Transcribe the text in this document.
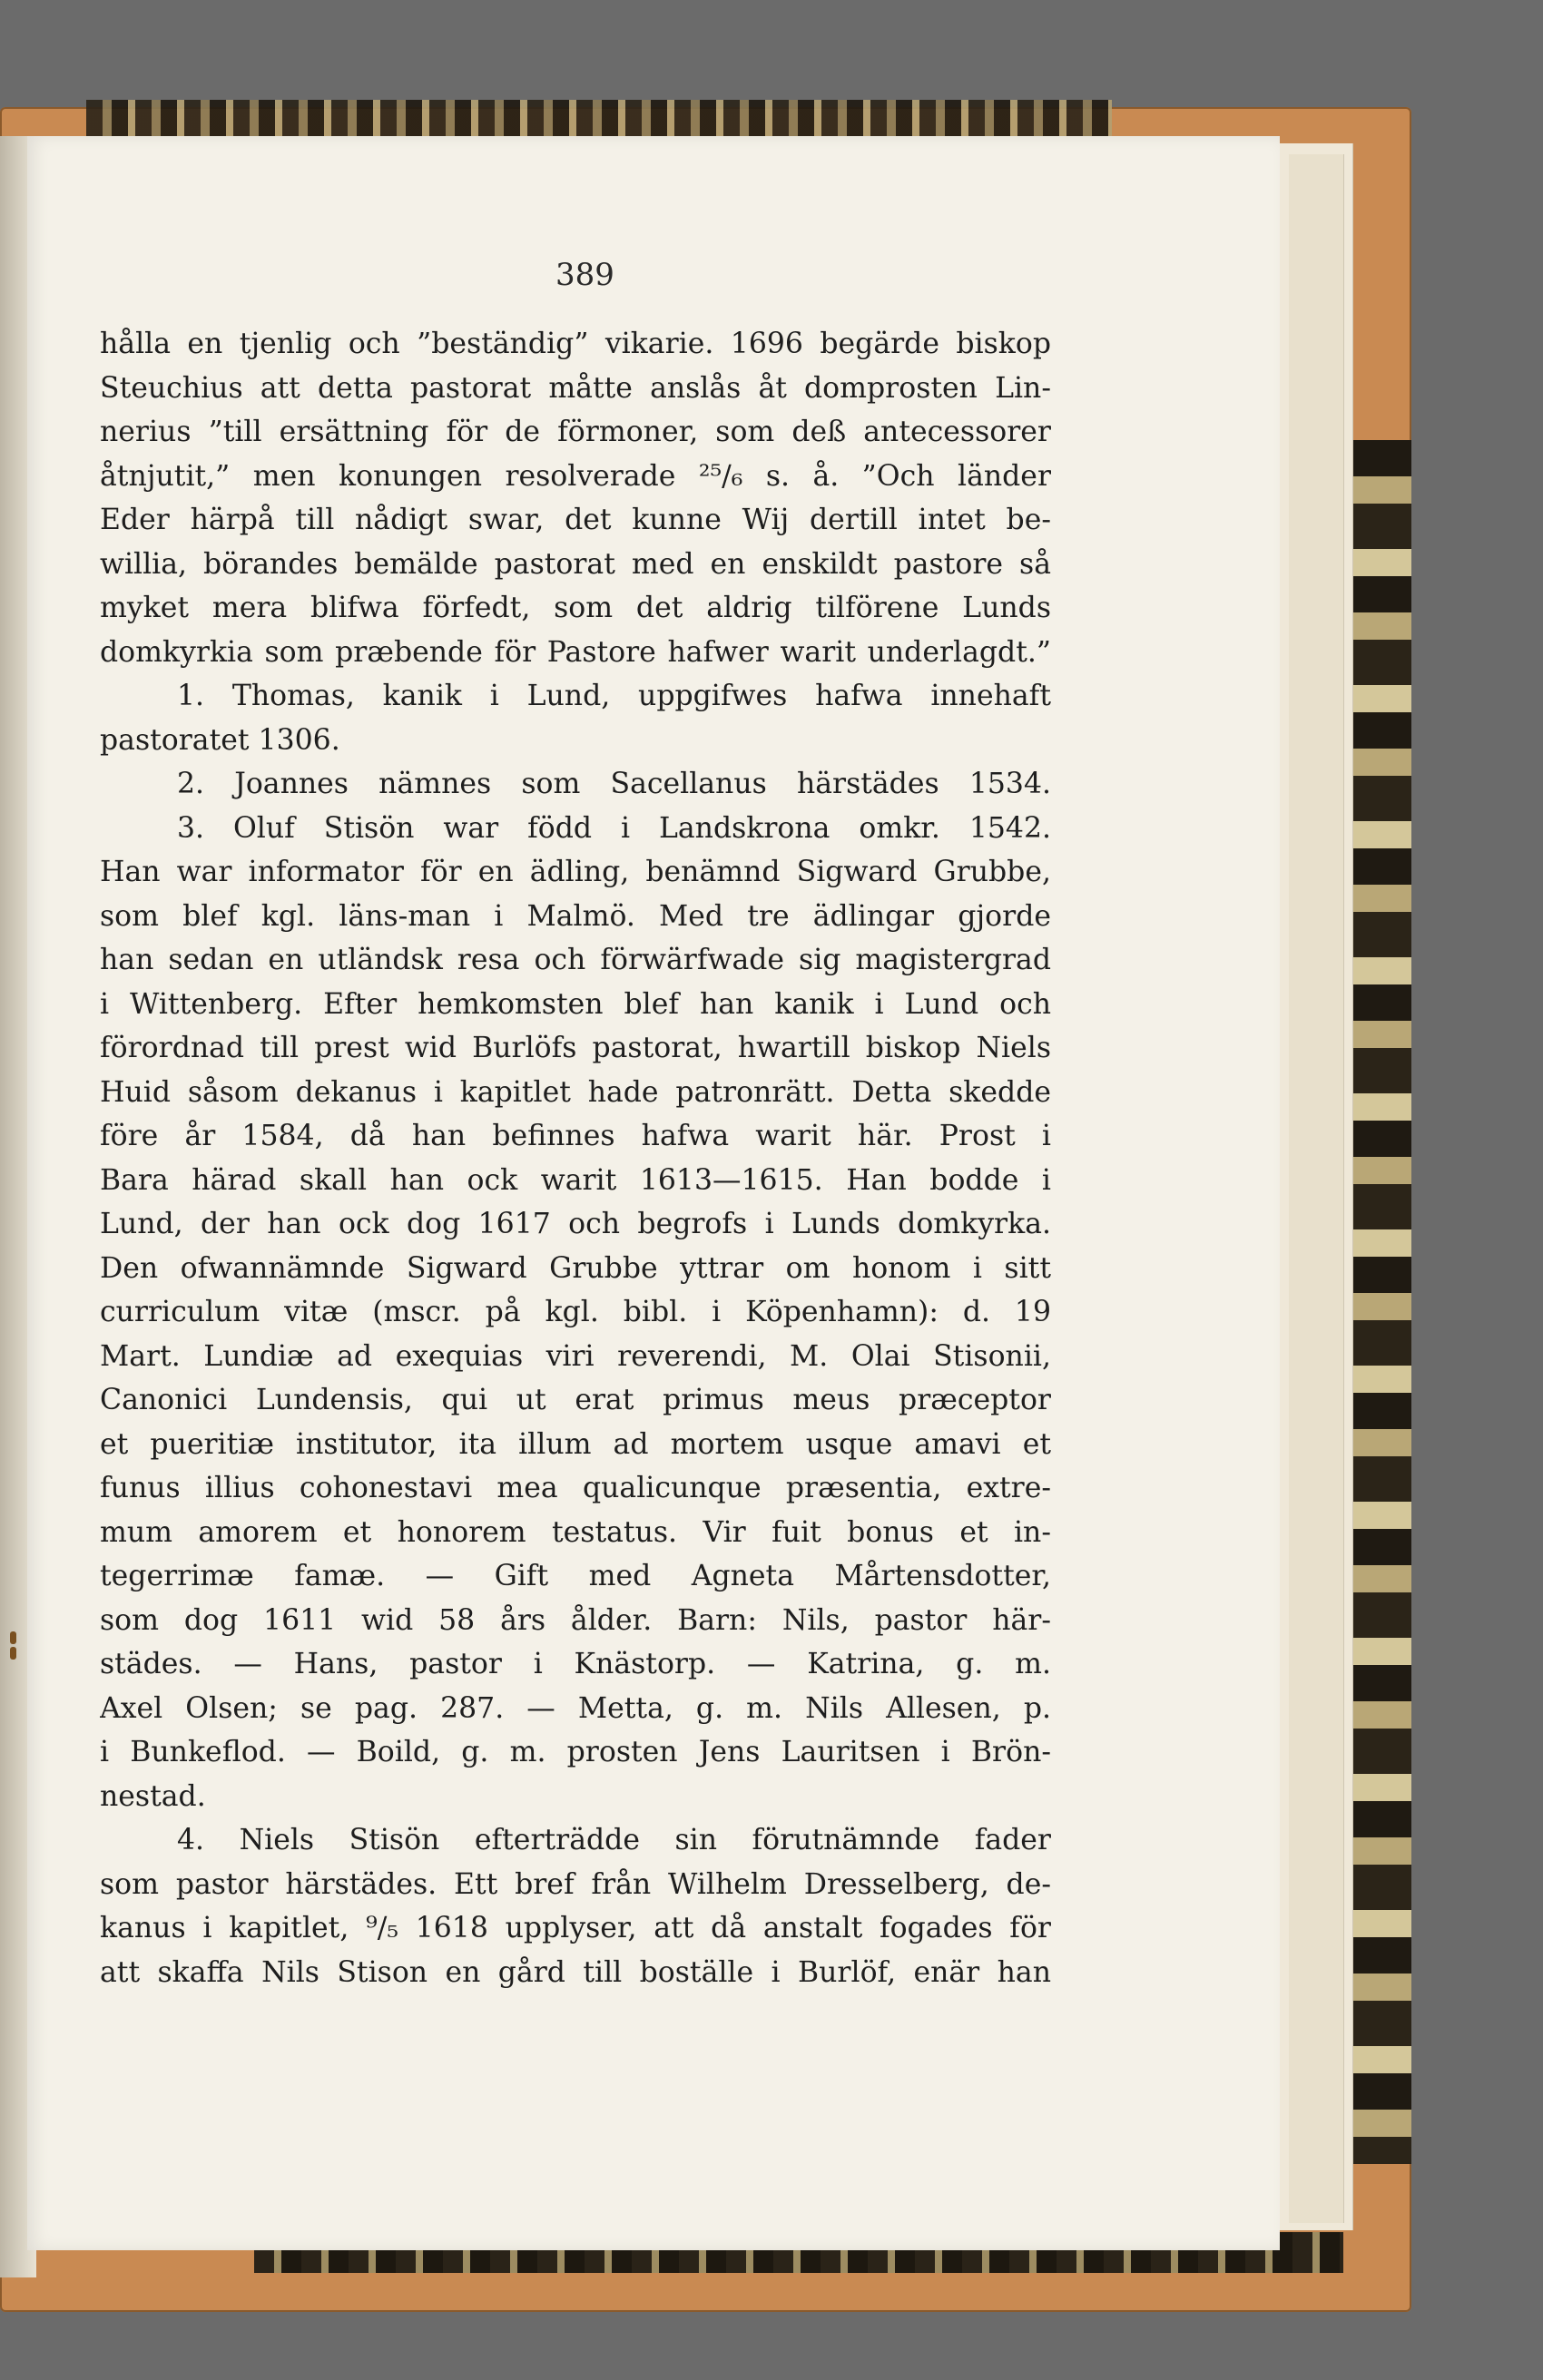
389
hålla en tjenlig och ”beständig” vikarie. 1696 begärde biskop
Steuchius att detta pastorat måtte anslås åt domprosten Lin-
nerius ”till ersättning för de förmoner, som deß antecessorer
åtnjutit,” men konungen resolverade ²⁵/₆ s. å. ”Och länder
Eder härpå till nådigt swar, det kunne Wij dertill intet be-
willia, börandes bemälde pastorat med en enskildt pastore så
myket mera blifwa förfedt, som det aldrig tilförene Lunds
domkyrkia som præbende för Pastore hafwer warit underlagdt.”
1. Thomas, kanik i Lund, uppgifwes hafwa innehaft
pastoratet 1306.
2. Joannes nämnes som Sacellanus härstädes 1534.
3. Oluf Stisön war född i Landskrona omkr. 1542.
Han war informator för en ädling, benämnd Sigward Grubbe,
som blef kgl. läns-man i Malmö. Med tre ädlingar gjorde
han sedan en utländsk resa och förwärfwade sig magistergrad
i Wittenberg. Efter hemkomsten blef han kanik i Lund och
förordnad till prest wid Burlöfs pastorat, hwartill biskop Niels
Huid såsom dekanus i kapitlet hade patronrätt. Detta skedde
före år 1584, då han befinnes hafwa warit här. Prost i
Bara härad skall han ock warit 1613—1615. Han bodde i
Lund, der han ock dog 1617 och begrofs i Lunds domkyrka.
Den ofwannämnde Sigward Grubbe yttrar om honom i sitt
curriculum vitæ (mscr. på kgl. bibl. i Köpenhamn): d. 19
Mart. Lundiæ ad exequias viri reverendi, M. Olai Stisonii,
Canonici Lundensis, qui ut erat primus meus præceptor
et pueritiæ institutor, ita illum ad mortem usque amavi et
funus illius cohonestavi mea qualicunque præsentia, extre-
mum amorem et honorem testatus. Vir fuit bonus et in-
tegerrimæ famæ. — Gift med Agneta Mårtensdotter,
som dog 1611 wid 58 års ålder. Barn: Nils, pastor här-
städes. — Hans, pastor i Knästorp. — Katrina, g. m.
Axel Olsen; se pag. 287. — Metta, g. m. Nils Allesen, p.
i Bunkeflod. — Boild, g. m. prosten Jens Lauritsen i Brön-
nestad.
4. Niels Stisön efterträdde sin förutnämnde fader
som pastor härstädes. Ett bref från Wilhelm Dresselberg, de-
kanus i kapitlet, ⁹/₅ 1618 upplyser, att då anstalt fogades för
att skaffa Nils Stison en gård till boställe i Burlöf, enär han
